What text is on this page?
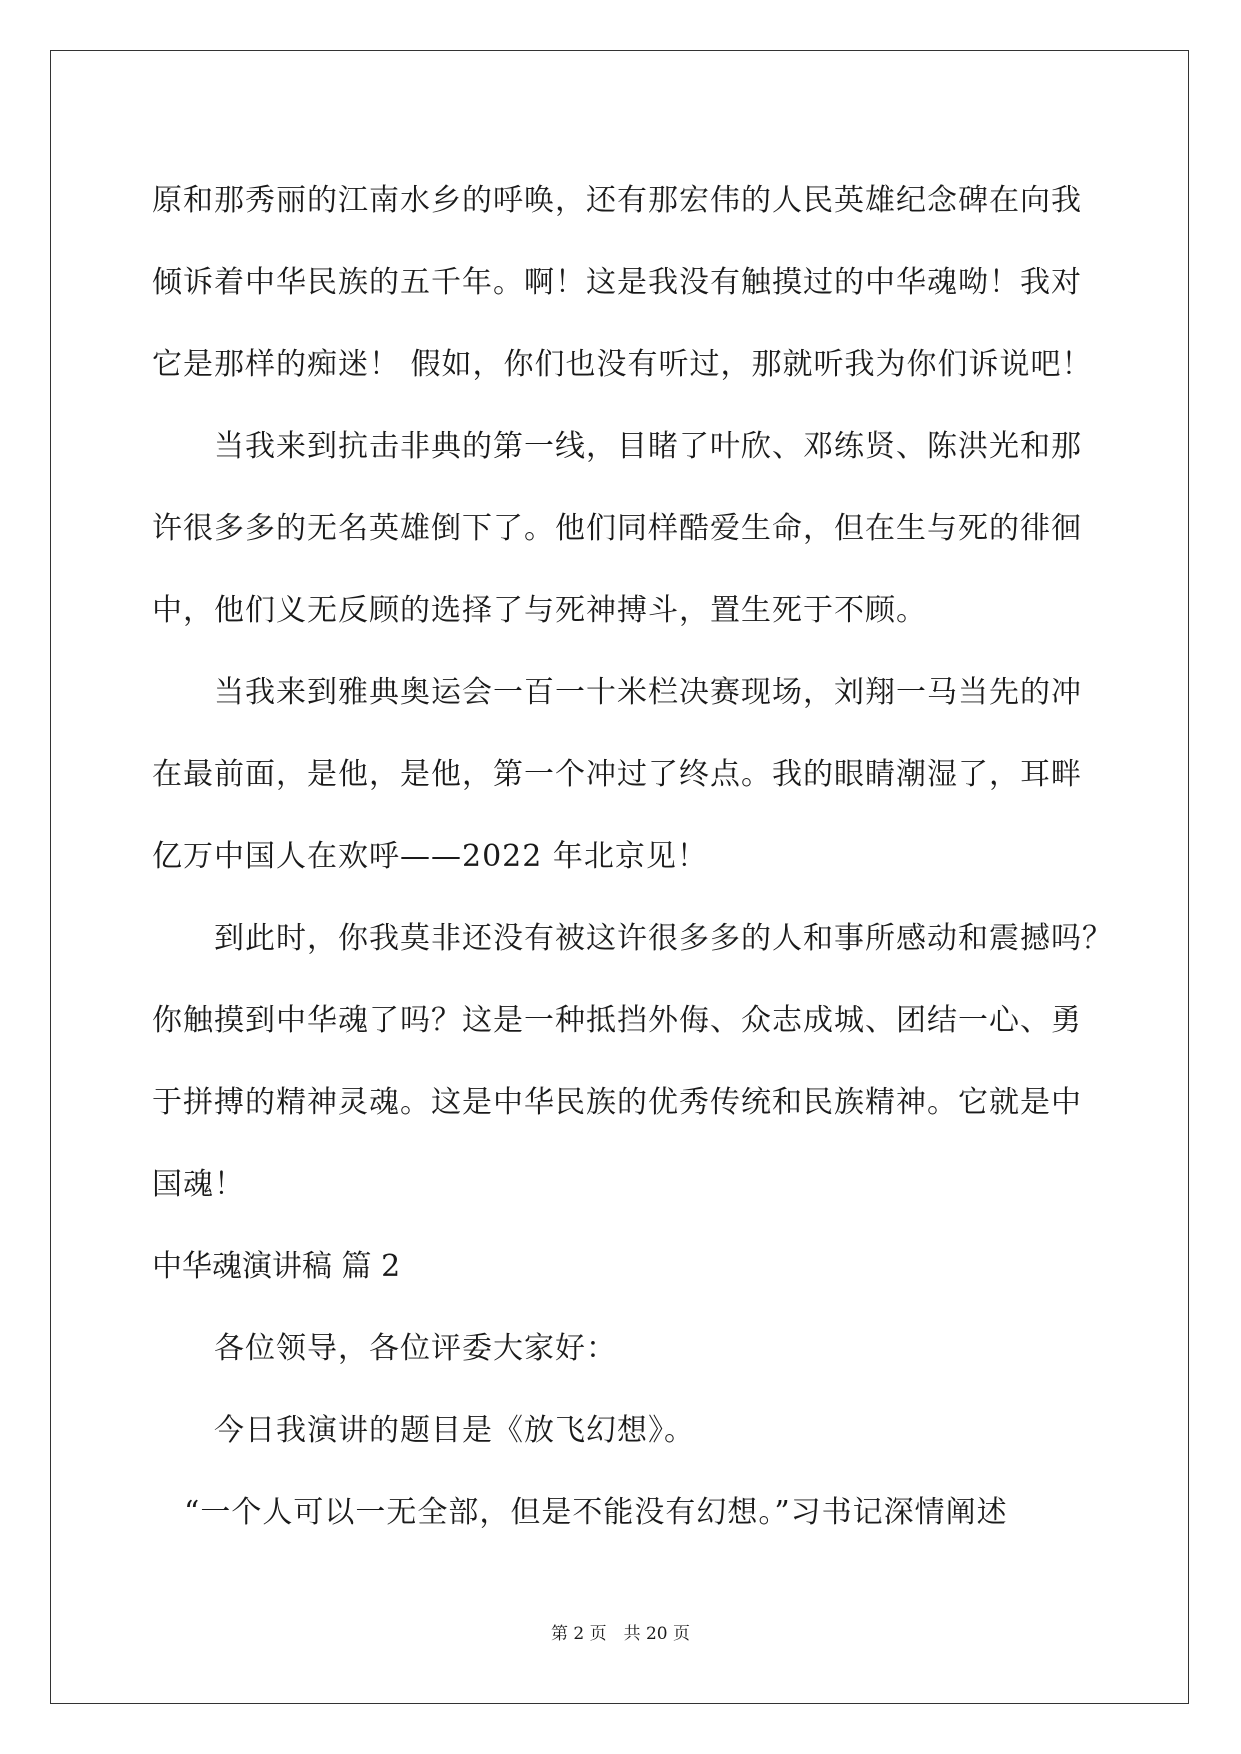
原和那秀丽的江南水乡的呼唤，还有那宏伟的人民英雄纪念碑在向我
倾诉着中华民族的五千年。啊！这是我没有触摸过的中华魂呦！我对
它是那样的痴迷！ 假如，你们也没有听过，那就听我为你们诉说吧！
当我来到抗击非典的第一线，目睹了叶欣、邓练贤、陈洪光和那
许很多多的无名英雄倒下了。他们同样酷爱生命，但在生与死的徘徊
中，他们义无反顾的选择了与死神搏斗，置生死于不顾。
当我来到雅典奥运会一百一十米栏决赛现场，刘翔一马当先的冲
在最前面，是他，是他，第一个冲过了终点。我的眼睛潮湿了，耳畔
亿万中国人在欢呼——2022 年北京见！
到此时，你我莫非还没有被这许很多多的人和事所感动和震撼吗？
你触摸到中华魂了吗？这是一种抵挡外侮、众志成城、团结一心、勇
于拼搏的精神灵魂。这是中华民族的优秀传统和民族精神。它就是中
国魂！
中华魂演讲稿 篇 2
各位领导，各位评委大家好：
今日我演讲的题目是《放飞幻想》。
“一个人可以一无全部，但是不能没有幻想。”习书记深情阐述
第 2 页　共 20 页
